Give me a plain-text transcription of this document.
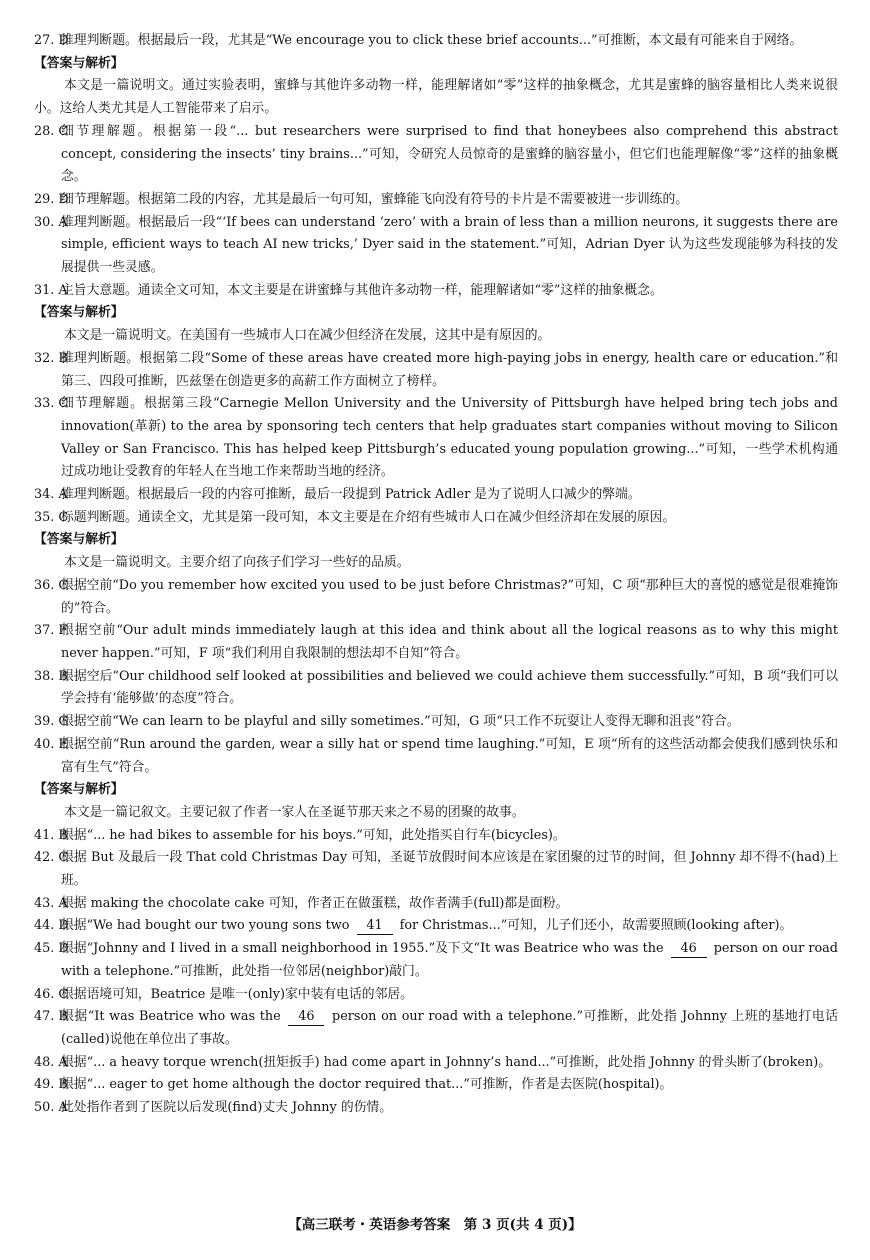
27. D
推理判断题。根据最后一段，尤其是“We encourage you to click these brief accounts...”可推断，本文最有可能来自于网络。
【答案与解析】
本文是一篇说明文。通过实验表明，蜜蜂与其他许多动物一样，能理解诸如“零”这样的抽象概念，尤其是蜜蜂的脑容量相比人类来说很小。这给人类尤其是人工智能带来了启示。
28. C
细节理解题。根据第一段“... but researchers were surprised to find that honeybees also comprehend this abstract concept, considering the insects’ tiny brains...”可知，令研究人员惊奇的是蜜蜂的脑容量小，但它们也能理解像“零”这样的抽象概念。
29. D
细节理解题。根据第二段的内容，尤其是最后一句可知，蜜蜂能飞向没有符号的卡片是不需要被进一步训练的。
30. A
推理判断题。根据最后一段“‘If bees can understand ‘zero’ with a brain of less than a million neurons, it suggests there are simple, efficient ways to teach AI new tricks,’ Dyer said in the statement.”可知，Adrian Dyer 认为这些发现能够为科技的发展提供一些灵感。
31. A
主旨大意题。通读全文可知，本文主要是在讲蜜蜂与其他许多动物一样，能理解诸如“零”这样的抽象概念。
【答案与解析】
本文是一篇说明文。在美国有一些城市人口在减少但经济在发展，这其中是有原因的。
32. B
推理判断题。根据第二段“Some of these areas have created more high-paying jobs in energy, health care or education.”和第三、四段可推断，匹兹堡在创造更多的高薪工作方面树立了榜样。
33. C
细节理解题。根据第三段“Carnegie Mellon University and the University of Pittsburgh have helped bring tech jobs and innovation(革新) to the area by sponsoring tech centers that help graduates start companies without moving to Silicon Valley or San Francisco. This has helped keep Pittsburgh’s educated young population growing...”可知，一些学术机构通过成功地让受教育的年轻人在当地工作来帮助当地的经济。
34. A
推理判断题。根据最后一段的内容可推断，最后一段提到 Patrick Adler 是为了说明人口减少的弊端。
35. C
标题判断题。通读全文，尤其是第一段可知，本文主要是在介绍有些城市人口在减少但经济却在发展的原因。
【答案与解析】
本文是一篇说明文。主要介绍了向孩子们学习一些好的品质。
36. C
根据空前“Do you remember how excited you used to be just before Christmas?”可知，C 项“那种巨大的喜悦的感觉是很难掩饰的”符合。
37. F
根据空前“Our adult minds immediately laugh at this idea and think about all the logical reasons as to why this might never happen.”可知，F 项“我们利用自我限制的想法却不自知”符合。
38. B
根据空后“Our childhood self looked at possibilities and believed we could achieve them successfully.”可知，B 项“我们可以学会持有‘能够做’的态度”符合。
39. G
根据空前“We can learn to be playful and silly sometimes.”可知，G 项“只工作不玩耍让人变得无聊和沮丧”符合。
40. E
根据空前“Run around the garden, wear a silly hat or spend time laughing.”可知，E 项“所有的这些活动都会使我们感到快乐和富有生气”符合。
【答案与解析】
本文是一篇记叙文。主要记叙了作者一家人在圣诞节那天来之不易的团聚的故事。
41. B
根据“... he had bikes to assemble for his boys.”可知，此处指买自行车(bicycles)。
42. C
根据 But 及最后一段 That cold Christmas Day 可知，圣诞节放假时间本应该是在家团聚的过节的时间，但 Johnny 却不得不(had)上班。
43. A
根据 making the chocolate cake 可知，作者正在做蛋糕，故作者满手(full)都是面粉。
44. D
根据“We had bought our two young sons two 41 for Christmas...”可知，儿子们还小，故需要照顾(looking after)。
45. D
根据“Johnny and I lived in a small neighborhood in 1955.”及下文“It was Beatrice who was the 46 person on our road with a telephone.”可推断，此处指一位邻居(neighbor)敲门。
46. C
根据语境可知，Beatrice 是唯一(only)家中装有电话的邻居。
47. B
根据“It was Beatrice who was the 46 person on our road with a telephone.”可推断，此处指 Johnny 上班的基地打电话(called)说他在单位出了事故。
48. A
根据“... a heavy torque wrench(扭矩扳手) had come apart in Johnny’s hand...”可推断，此处指 Johnny 的骨头断了(broken)。
49. B
根据“... eager to get home although the doctor required that...”可推断，作者是去医院(hospital)。
50. A
此处指作者到了医院以后发现(find)丈夫 Johnny 的伤情。
【高三联考・英语参考答案　第 3 页(共 4 页)】
